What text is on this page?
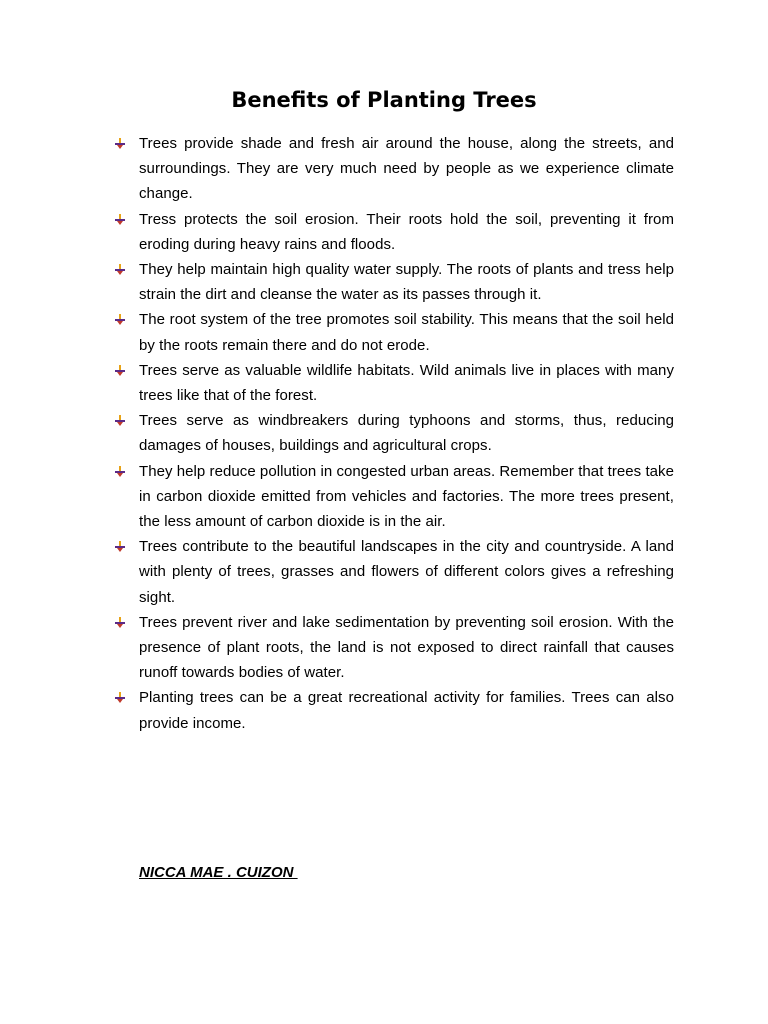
Benefits of Planting Trees
Trees provide shade and fresh air around the house, along the streets, and surroundings. They are very much need by people as we experience climate change.
Tress protects the soil erosion. Their roots hold the soil, preventing it from eroding during heavy rains and floods.
They help maintain high quality water supply. The roots of plants and tress help strain the dirt and cleanse the water as its passes through it.
The root system of the tree promotes soil stability. This means that the soil held by the roots remain there and do not erode.
Trees serve as valuable wildlife habitats. Wild animals live in places with many trees like that of the forest.
Trees serve as windbreakers during typhoons and storms, thus, reducing damages of houses, buildings and agricultural crops.
They help reduce pollution in congested urban areas. Remember that trees take in carbon dioxide emitted from vehicles and factories. The more trees present, the less amount of carbon dioxide is in the air.
Trees contribute to the beautiful landscapes in the city and countryside. A land with plenty of trees, grasses and flowers of different colors gives a refreshing sight.
Trees prevent river and lake sedimentation by preventing soil erosion. With the presence of plant roots, the land is not exposed to direct rainfall that causes runoff towards bodies of water.
Planting trees can be a great recreational activity for families. Trees can also provide income.
NICCA MAE . CUIZON
